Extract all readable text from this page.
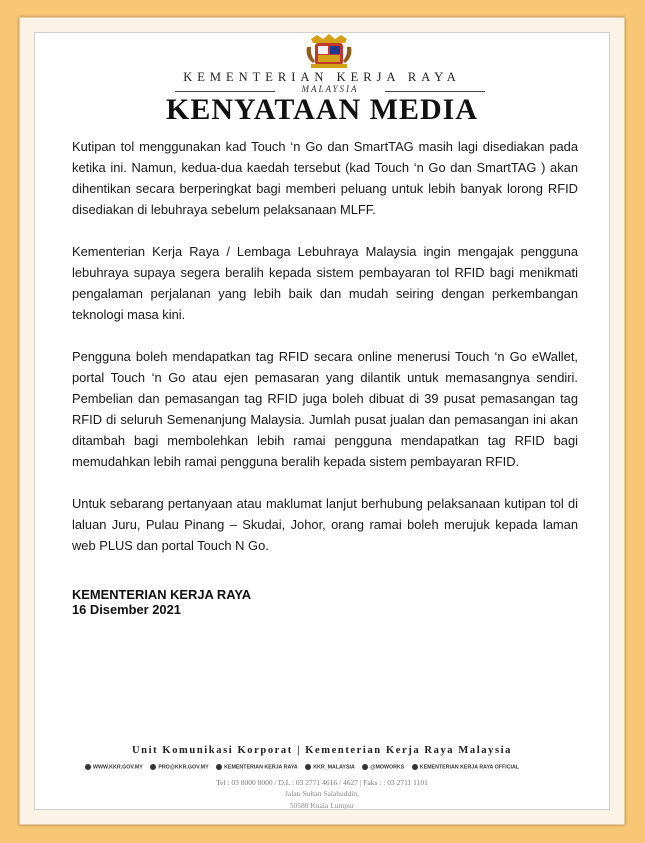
KEMENTERIAN KERJA RAYA
MALAYSIA
KENYATAAN MEDIA

Kutipan tol menggunakan kad Touch ‘n Go dan SmartTAG masih lagi disediakan pada ketika ini. Namun, kedua-dua kaedah tersebut (kad Touch ‘n Go dan SmartTAG ) akan dihentikan secara berperingkat bagi memberi peluang untuk lebih banyak lorong RFID disediakan di lebuhraya sebelum pelaksanaan MLFF.

Kementerian Kerja Raya / Lembaga Lebuhraya Malaysia ingin mengajak pengguna lebuhraya supaya segera beralih kepada sistem pembayaran tol RFID bagi menikmati pengalaman perjalanan yang lebih baik dan mudah seiring dengan perkembangan teknologi masa kini.

Pengguna boleh mendapatkan tag RFID secara online menerusi Touch ‘n Go eWallet, portal Touch ‘n Go atau ejen pemasaran yang dilantik untuk memasangnya sendiri. Pembelian dan pemasangan tag RFID juga boleh dibuat di 39 pusat pemasangan tag RFID di seluruh Semenanjung Malaysia. Jumlah pusat jualan dan pemasangan ini akan ditambah bagi membolehkan lebih ramai pengguna mendapatkan tag RFID bagi memudahkan lebih ramai pengguna beralih kepada sistem pembayaran RFID.

Untuk sebarang pertanyaan atau maklumat lanjut berhubung pelaksanaan kutipan tol di laluan Juru, Pulau Pinang – Skudai, Johor, orang ramai boleh merujuk kepada laman web PLUS dan portal Touch N Go.

KEMENTERIAN KERJA RAYA
16 Disember 2021
Unit Komunikasi Korporat | Kementerian Kerja Raya Malaysia
WWW.KKR.GOV.MY	PRO@KKR.GOV.MY	KEMENTERIAN KERJA RAYA	KKR_MALAYSIA	@MOWORKS	KEMENTERIAN KERJA RAYA OFFICIAL
Tel : 03 8000 8000 / D.L : 03 2771 4616 / 4627 | Faks : : 03 2711 1101
Jalan Sultan Salahuddin,
50580 Kuala Lumpur
